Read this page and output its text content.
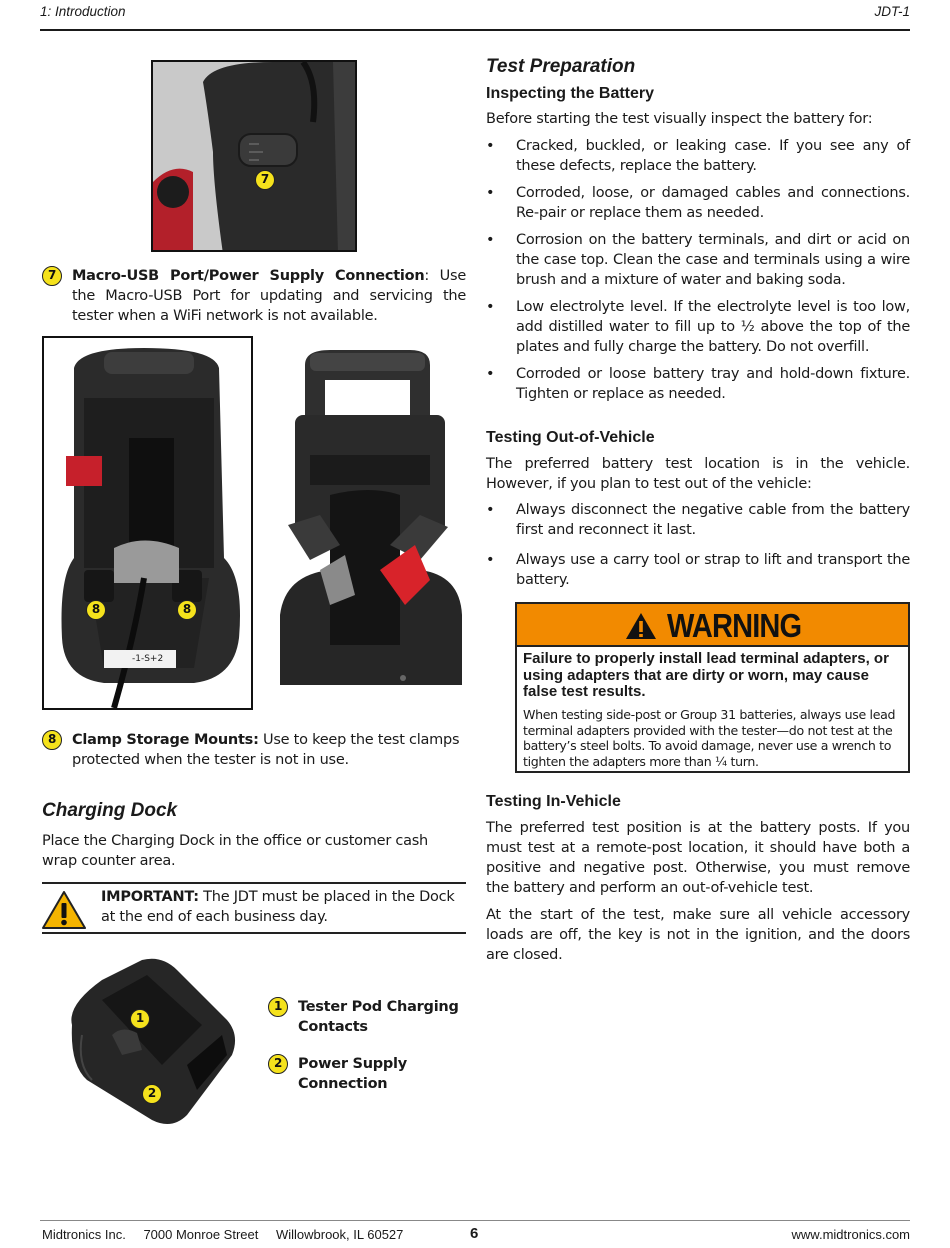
1: Introduction	JDT-1
7
7	Macro-USB Port/Power Supply Connection: Use the Macro-USB Port for updating and servicing the tester when a WiFi network is not available.
8	8
-1-S+2
8	Clamp Storage Mounts: Use to keep the test clamps protected when the tester is not in use.
Charging Dock

Place the Charging Dock in the office or customer cash wrap counter area.

IMPORTANT: The JDT must be placed in the Dock at the end of each business day.
1
2
1	Tester Pod Charging Contacts
2	Power Supply Connection
Test Preparation
Inspecting the Battery

Before starting the test visually inspect the battery for:

• Cracked, buckled, or leaking case. If you see any of these defects, replace the battery.
• Corroded, loose, or damaged cables and connections. Re-pair or replace them as needed.
• Corrosion on the battery terminals, and dirt or acid on the case top. Clean the case and terminals using a wire brush and a mixture of water and baking soda.
• Low electrolyte level. If the electrolyte level is too low, add distilled water to fill up to ½ above the top of the plates and fully charge the battery. Do not overfill.
• Corroded or loose battery tray and hold-down fixture. Tighten or replace as needed.
Testing Out-of-Vehicle

The preferred battery test location is in the vehicle. However, if you plan to test out of the vehicle:

• Always disconnect the negative cable from the battery first and reconnect it last.
• Always use a carry tool or strap to lift and transport the battery.
WARNING
Failure to properly install lead terminal adapters, or using adapters that are dirty or worn, may cause false test results.
When testing side-post or Group 31 batteries, always use lead terminal adapters provided with the tester—do not test at the battery’s steel bolts. To avoid damage, never use a wrench to tighten the adapters more than ¼ turn.
Testing In-Vehicle

The preferred test position is at the battery posts. If you must test at a remote-post location, it should have both a positive and negative post. Otherwise, you must remove the battery and perform an out-of-vehicle test.

At the start of the test, make sure all vehicle accessory loads are off, the key is not in the ignition, and the doors are closed.

Midtronics Inc. 7000 Monroe Street Willowbrook, IL 60527	6	www.midtronics.com
